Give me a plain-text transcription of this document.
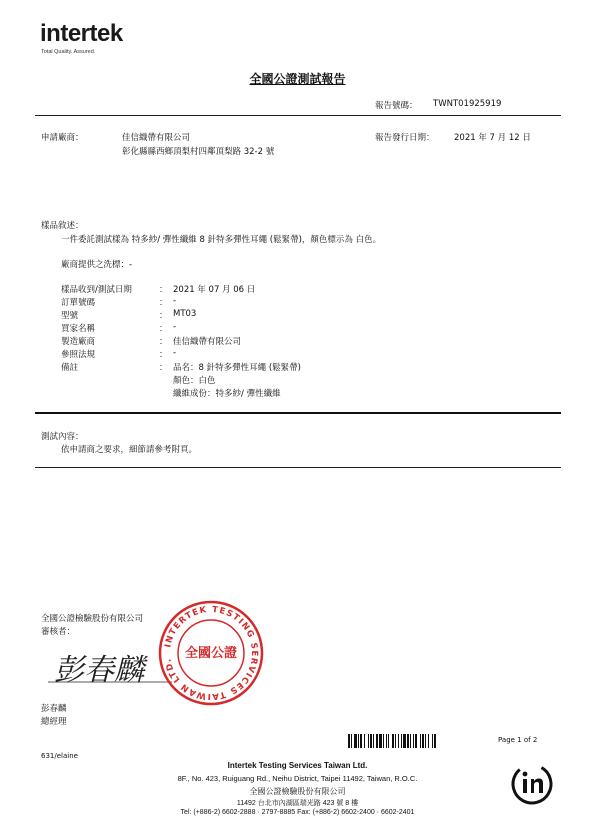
intertek
Total Quality. Assured.
全國公證測試報告
報告號碼： TWNT01925919
申請廠商：	佳信織帶有限公司
彰化縣縣西鄉頂梨村四鄰頂梨路 32-2 號
報告發行日期： 2021 年 7 月 12 日
樣品敘述：
一件委託測試樣為 特多紗/ 彈性纖維 8 針特多彈性耳繩 (鬆緊帶)，顏色標示為 白色。
廠商提供之洗標：-
樣品收到/測試日期	： 2021 年 07 月 06 日
訂單號碼	： -
型號	： MT03
買家名稱	： -
製造廠商	： 佳信織帶有限公司
參照法規	： -
備註	： 品名：8 針特多彈性耳繩 (鬆緊帶)
顏色：白色
纖維成份：特多紗/ 彈性纖維
測試內容：
依申請商之要求，細節請參考附頁。
全國公證檢驗股份有限公司
審核者：
彭春麟
INTERTEK TESTING SERVICES TAIWAN LTD. 全國公證
彭春麟
總經理
Page 1 of 2
631/elaine
Intertek Testing Services Taiwan Ltd.
8F., No. 423, Ruiguang Rd., Neihu District, Taipei 11492, Taiwan, R.O.C.
全國公證檢驗股份有限公司
11492 台北市內湖區瑞光路 423 號 8 樓
Tel: (+886-2) 6602-2888 · 2797-8885 Fax: (+886-2) 6602-2400 · 6602-2401
